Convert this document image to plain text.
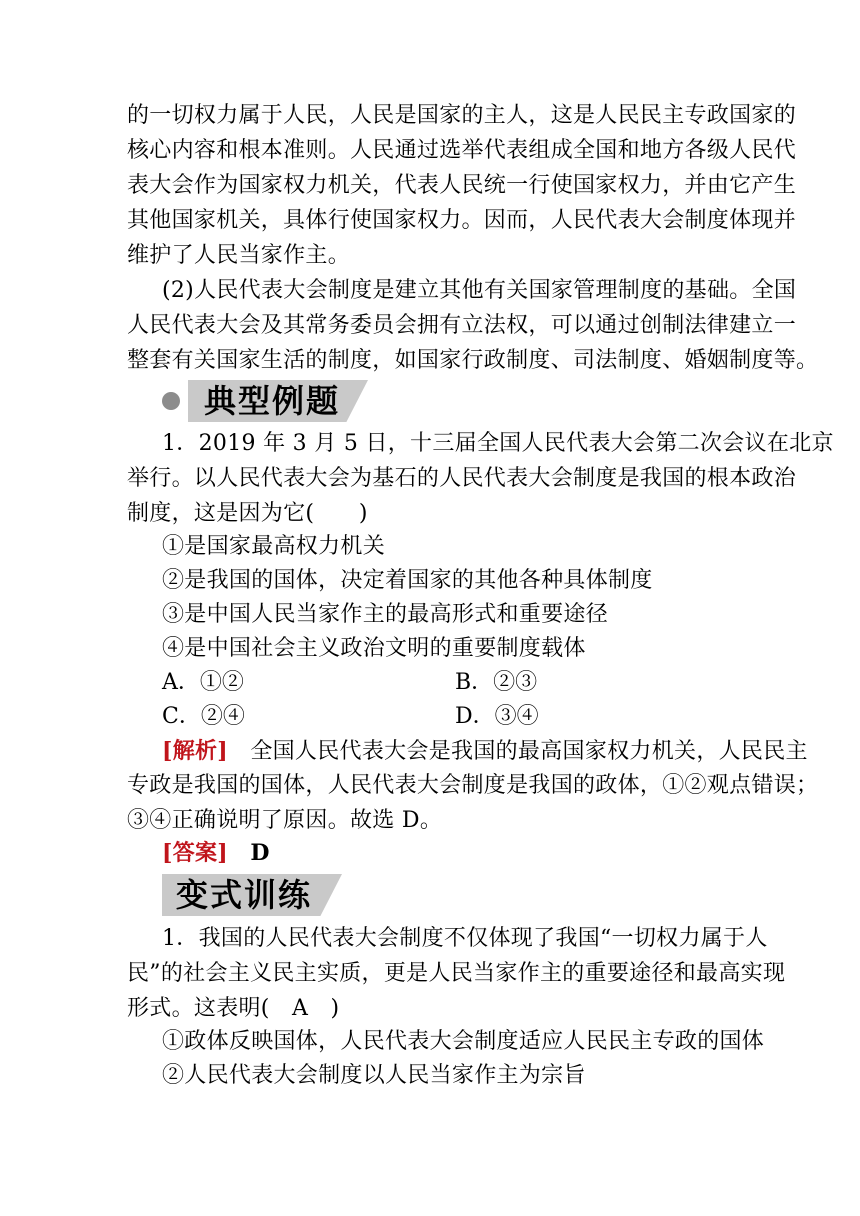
的一切权力属于人民，人民是国家的主人，这是人民民主专政国家的
核心内容和根本准则。人民通过选举代表组成全国和地方各级人民代
表大会作为国家权力机关，代表人民统一行使国家权力，并由它产生
其他国家机关，具体行使国家权力。因而，人民代表大会制度体现并
维护了人民当家作主。
(2)人民代表大会制度是建立其他有关国家管理制度的基础。全国
人民代表大会及其常务委员会拥有立法权，可以通过创制法律建立一
整套有关国家生活的制度，如国家行政制度、司法制度、婚姻制度等。
典型例题
1．2019 年 3 月 5 日，十三届全国人民代表大会第二次会议在北京
举行。以人民代表大会为基石的人民代表大会制度是我国的根本政治
制度，这是因为它(　　)
①是国家最高权力机关
②是我国的国体，决定着国家的其他各种具体制度
③是中国人民当家作主的最高形式和重要途径
④是中国社会主义政治文明的重要制度载体
A．①②	B．②③
C．②④	D．③④
[解析]　全国人民代表大会是我国的最高国家权力机关，人民民主
专政是我国的国体，人民代表大会制度是我国的政体，①②观点错误；
③④正确说明了原因。故选 D。
[答案]　 D
变式训练
1．我国的人民代表大会制度不仅体现了我国“一切权力属于人
民”的社会主义民主实质，更是人民当家作主的重要途径和最高实现
形式。这表明(　A　)
①政体反映国体，人民代表大会制度适应人民民主专政的国体
②人民代表大会制度以人民当家作主为宗旨
